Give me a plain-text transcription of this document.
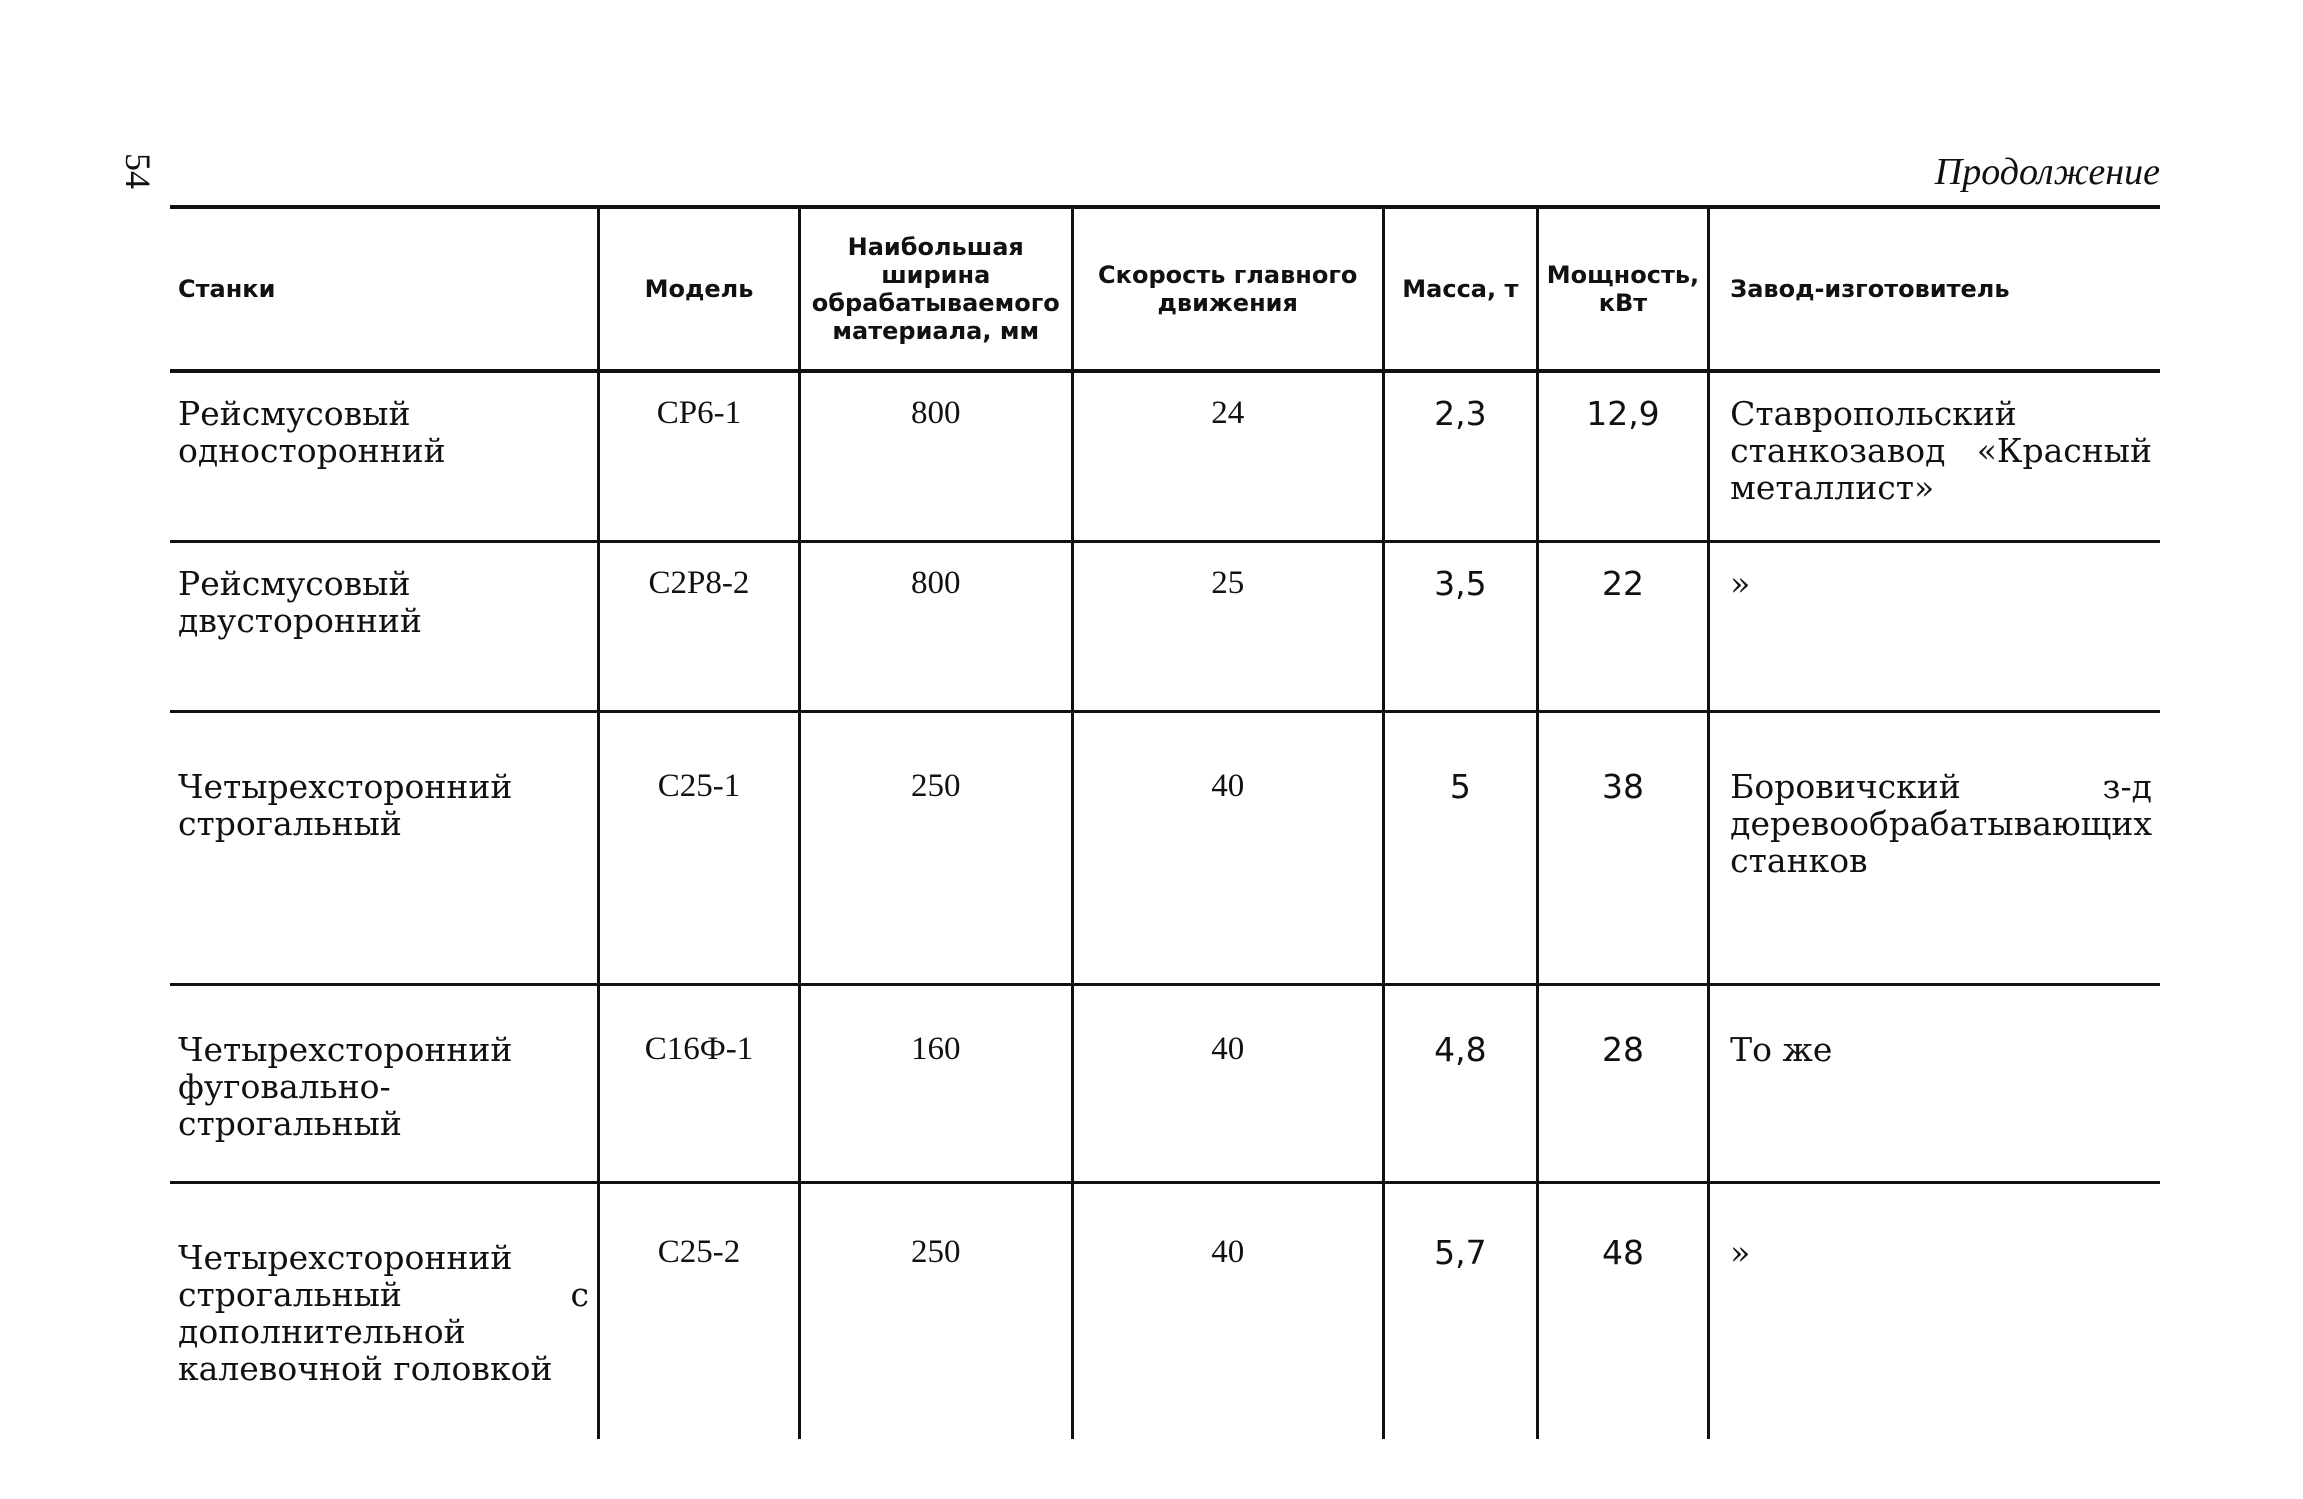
54	Продолжение
Станки	Модель	Наибольшая ширина обрабатываемого материала, мм	Скорость главного движения	Масса, т	Мощность, кВт	Завод-изготовитель
Рейсмусовый односторонний	СР6-1	800	24	2,3	12,9	Ставропольский станкозавод «Красный металлист»
Рейсмусовый двусторонний	С2Р8-2	800	25	3,5	22	»
Четырехсторонний строгальный	С25-1	250	40	5	38	Боровичский з-д деревообрабатывающих станков
Четырехсторонний фуговально-строгальный	С16Ф-1	160	40	4,8	28	То же
Четырехсторонний строгальный с дополнительной калевочной головкой	С25-2	250	40	5,7	48	»
